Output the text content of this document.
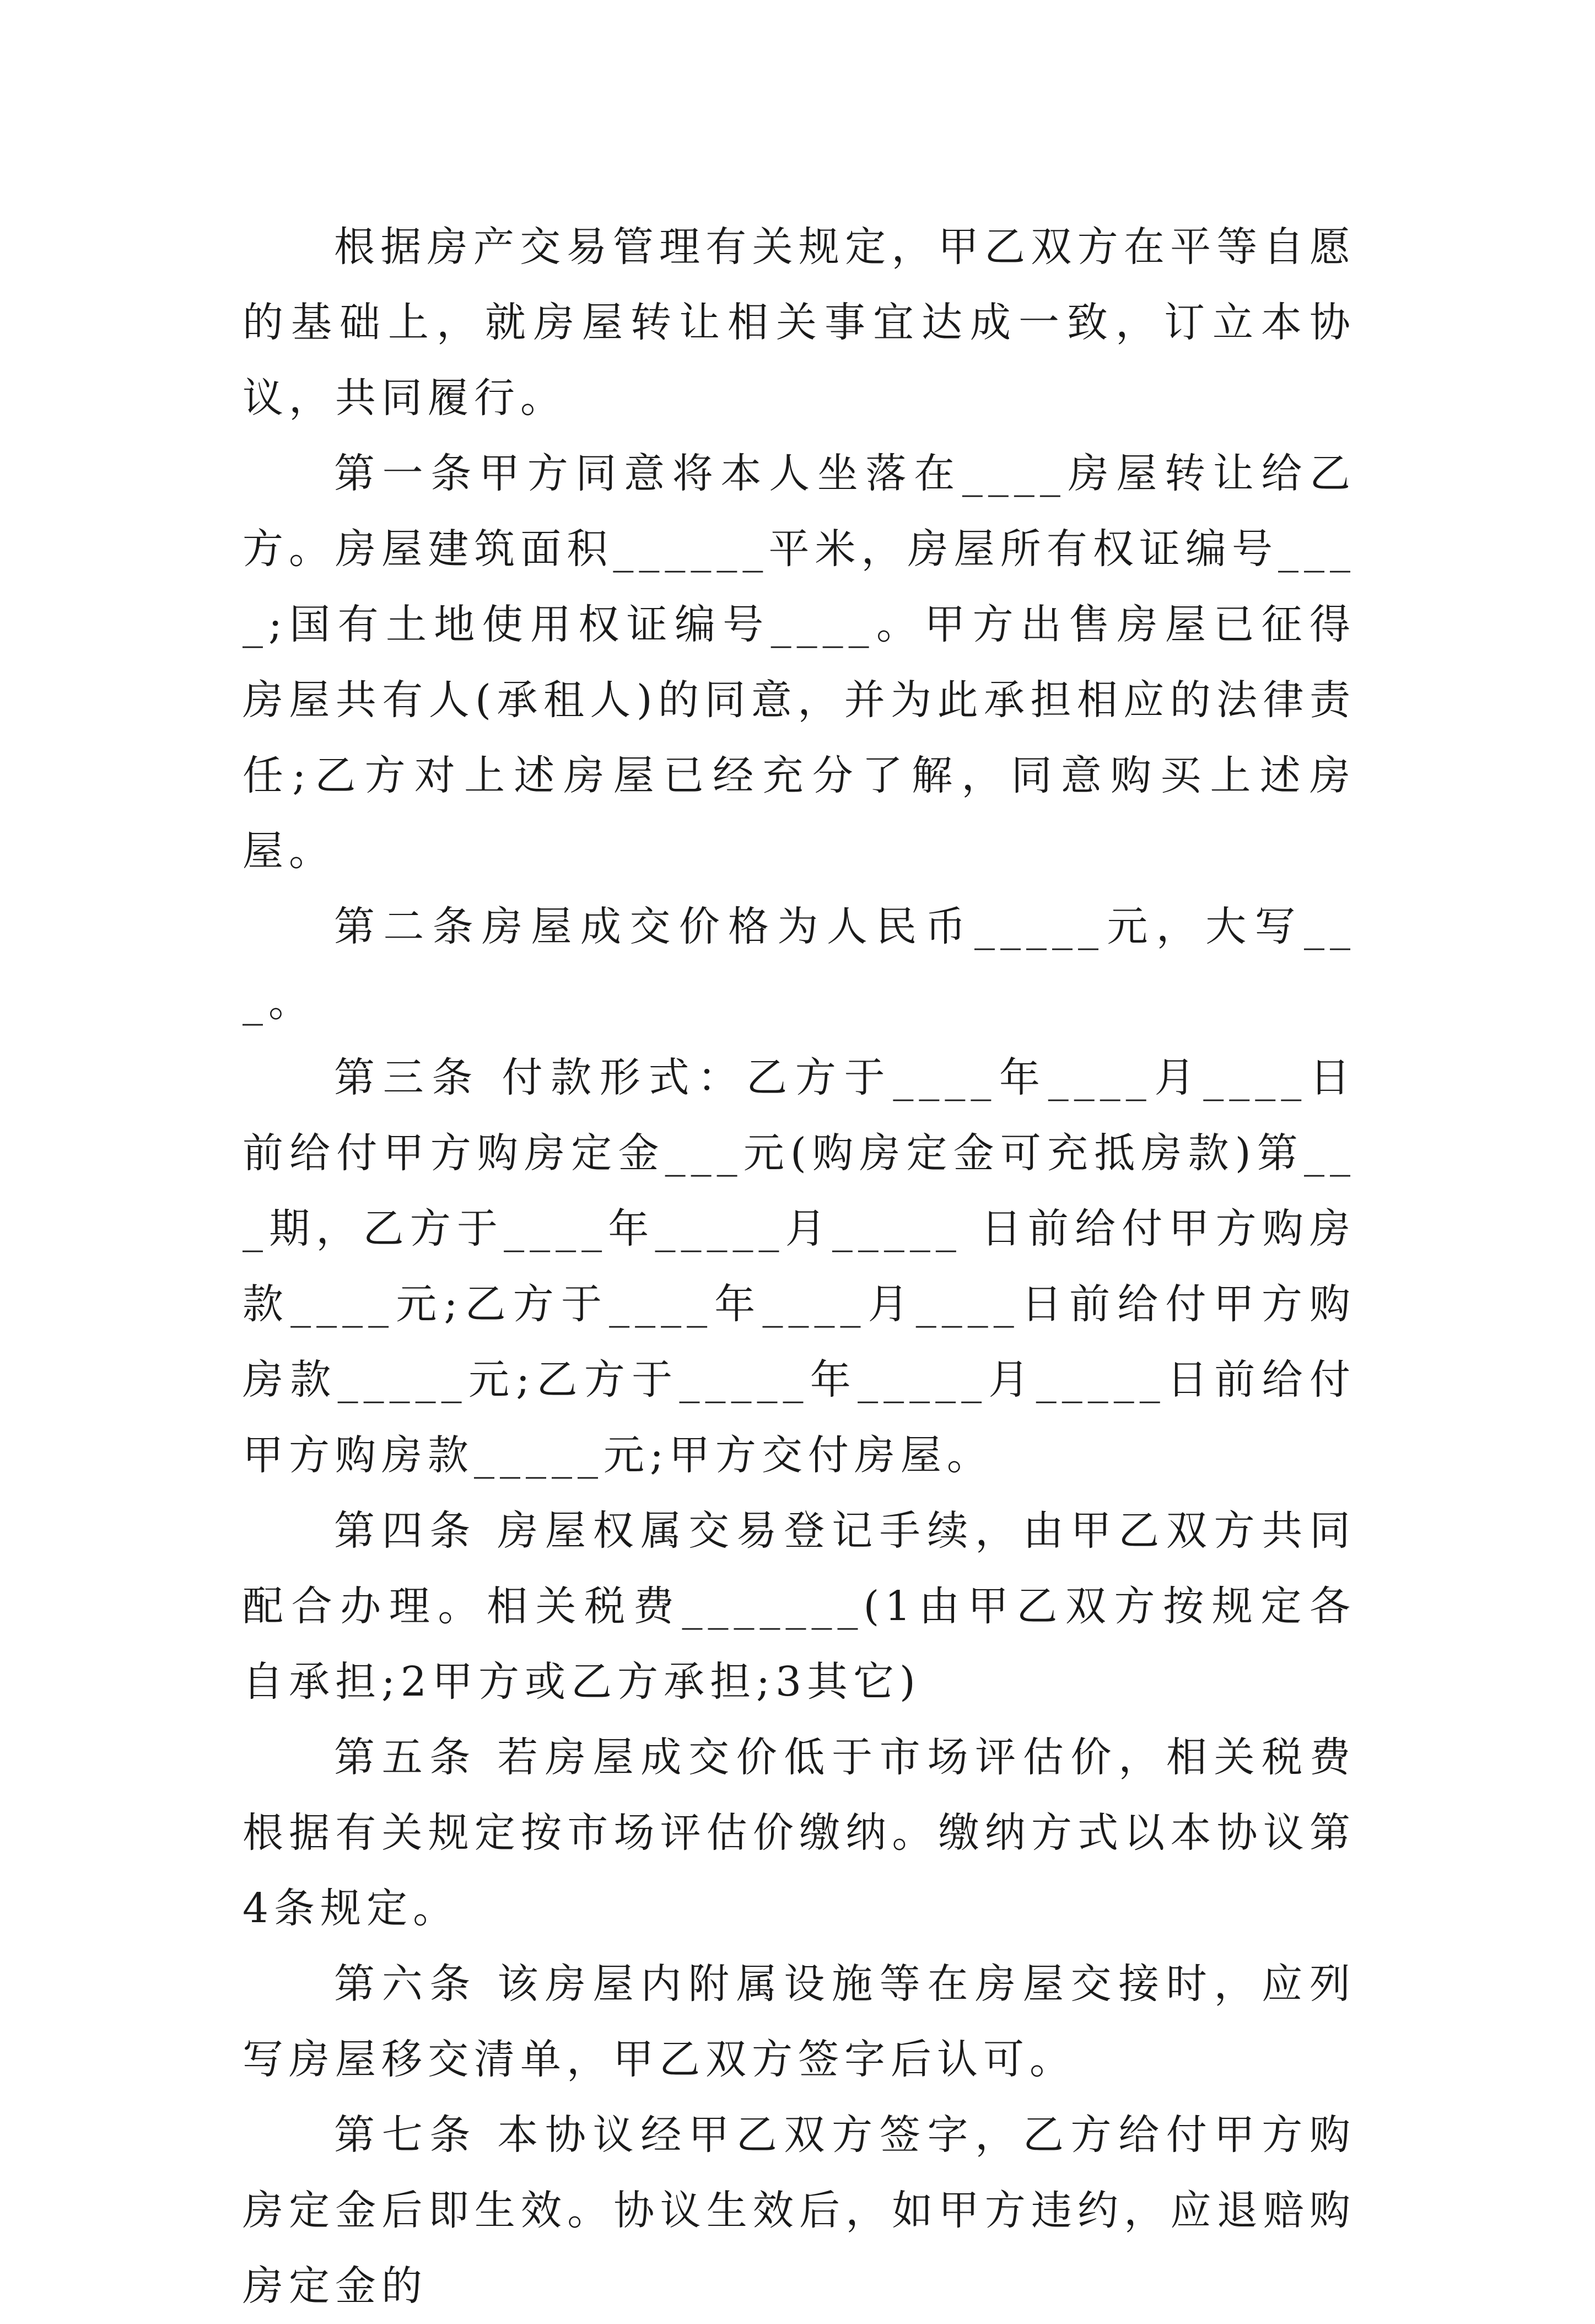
根据房产交易管理有关规定，甲乙双方在平等自愿的基础上，就房屋转让相关事宜达成一致，订立本协议，共同履行。

第一条甲方同意将本人坐落在____房屋转让给乙方。房屋建筑面积______平米，房屋所有权证编号____;国有土地使用权证编号____。甲方出售房屋已征得房屋共有人(承租人)的同意，并为此承担相应的法律责任;乙方对上述房屋已经充分了解，同意购买上述房屋。

第二条房屋成交价格为人民币_____元，大写___。

第三条 付款形式：乙方于____年____月____日前给付甲方购房定金___元(购房定金可充抵房款)第___期，乙方于____年_____月_____ 日前给付甲方购房款____元;乙方于____年____月____日前给付甲方购房款_____元;乙方于_____年_____月_____日前给付 甲方购房款_____元;甲方交付房屋。

第四条 房屋权属交易登记手续，由甲乙双方共同配合办理。相关税费_______(1由甲乙双方按规定各自承担;2甲方或乙方承担;3其它)

第五条 若房屋成交价低于市场评估价，相关税费根据有关规定按市场评估价缴纳。缴纳方式以本协议第4条规定。

第六条 该房屋内附属设施等在房屋交接时，应列写房屋移交清单，甲乙双方签字后认可。

第七条 本协议经甲乙双方签字，乙方给付甲方购房定金后即生效。协议生效后，如甲方违约，应退赔购房定金的
